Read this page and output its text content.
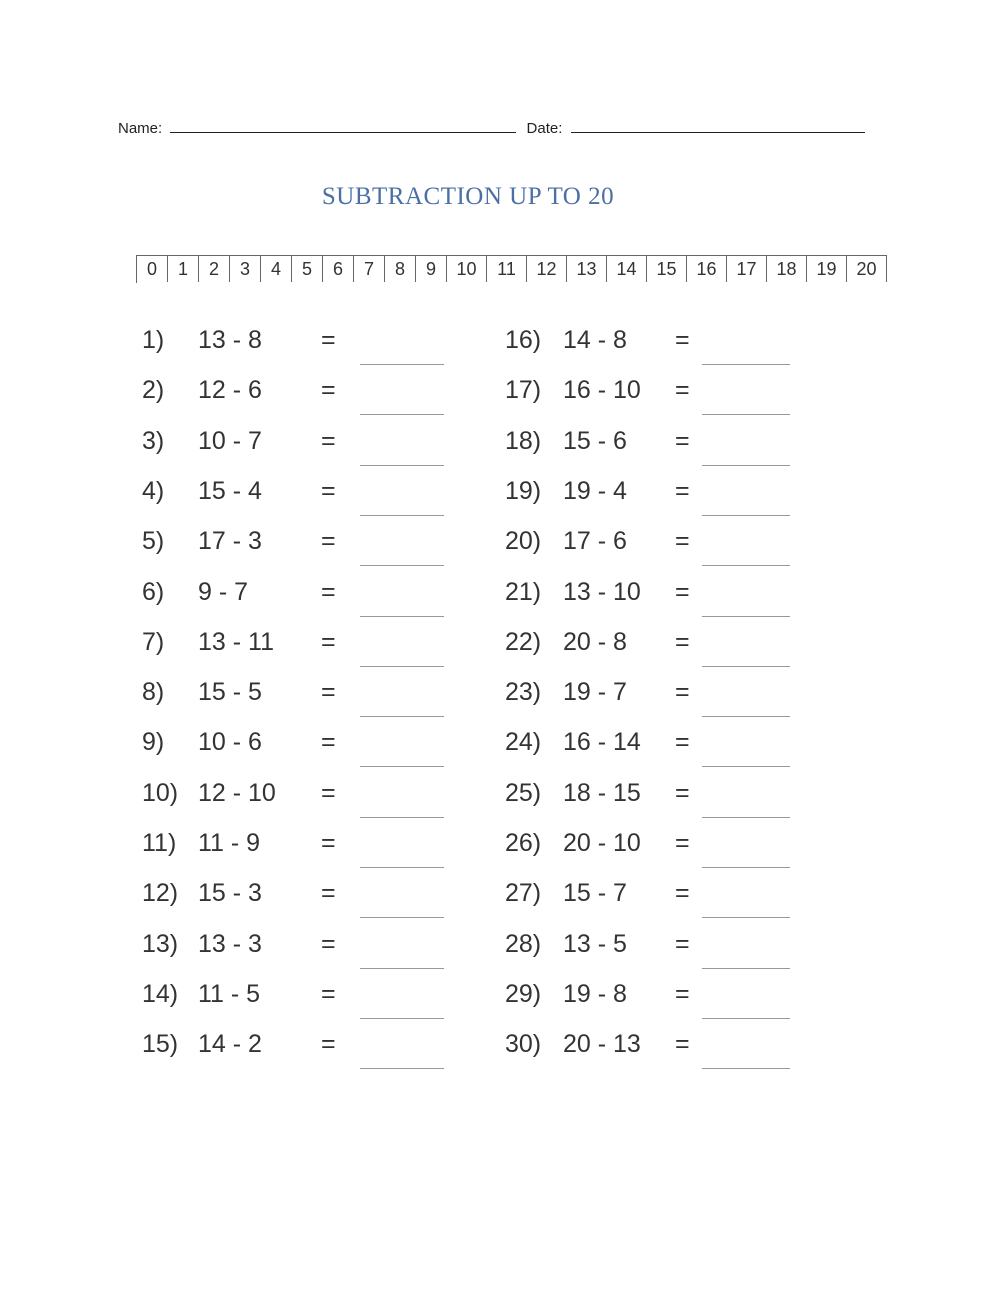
Name:	Date:
SUBTRACTION UP TO 20
0	1	2	3	4	5	6	7	8	9	10	11	12	13	14	15	16	17	18	19	20
1) 13 - 8 =
2) 12 - 6 =
3) 10 - 7 =
4) 15 - 4 =
5) 17 - 3 =
6) 9 - 7	=
7) 13 - 11 =
8) 15 - 5 =
9) 10 - 6 =
10) 12 - 10 =
11) 11 - 9 =
12) 15 - 3 =
13) 13 - 3 =
14) 11 - 5 =
15) 14 - 2 =
16) 14 - 8 =
17) 16 - 10 =
18) 15 - 6 =
19) 19 - 4 =
20) 17 - 6 =
21) 13 - 10 =
22) 20 - 8 =
23) 19 - 7 =
24) 16 - 14 =
25) 18 - 15 =
26) 20 - 10 =
27) 15 - 7 =
28) 13 - 5 =
29) 19 - 8 =
30) 20 - 13 =
